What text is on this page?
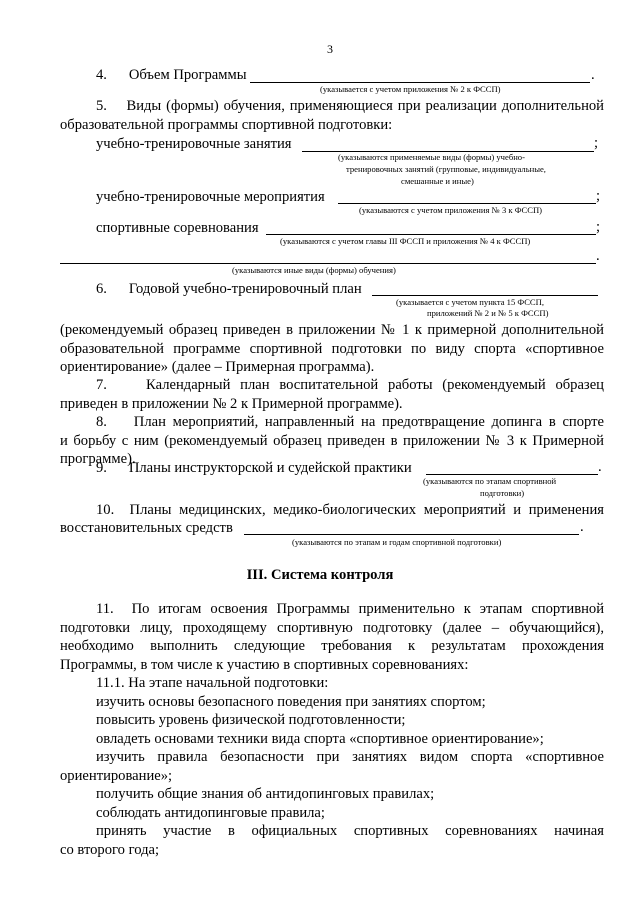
3
4.      Объем Программы	.
(указывается с учетом приложения № 2 к ФССП)
5.    Виды (формы) обучения, применяющиеся при реализации дополнительной
образовательной программы спортивной подготовки:
учебно-тренировочные занятия	;
(указываются применяемые виды (формы) учебно-
тренировочных занятий (групповые, индивидуальные,
смешанные и иные)
учебно-тренировочные мероприятия	;
(указываются с учетом приложения № 3 к ФССП)
спортивные соревнования	;
(указываются с учетом главы III ФССП и приложения № 4 к ФССП)
.
(указываются иные виды (формы) обучения)
6.      Годовой учебно-тренировочный план
(указывается с учетом пункта 15 ФССП,
приложений № 2 и № 5 к ФССП)
(рекомендуемый образец приведен в приложении № 1 к примерной дополнительной
образовательной программе спортивной подготовки по виду спорта «спортивное
ориентирование» (далее – Примерная программа).
7.    Календарный план воспитательной работы (рекомендуемый образец
приведен в приложении № 2 к Примерной программе).
8.    План мероприятий, направленный на предотвращение допинга в спорте
и борьбу с ним (рекомендуемый образец приведен в приложении № 3 к Примерной
программе).
9.      Планы инструкторской и судейской практики	.
(указываются по этапам спортивной
подготовки)
10.  Планы медицинских, медико-биологических мероприятий и применения
восстановительных средств	.
(указываются по этапам и годам спортивной подготовки)
III. Система контроля
11.  По итогам освоения Программы применительно к этапам спортивной
подготовки лицу, проходящему спортивную подготовку (далее – обучающийся),
необходимо выполнить следующие требования к результатам прохождения
Программы, в том числе к участию в спортивных соревнованиях:
11.1. На этапе начальной подготовки:
изучить основы безопасного поведения при занятиях спортом;
повысить уровень физической подготовленности;
овладеть основами техники вида спорта «спортивное ориентирование»;
изучить правила безопасности при занятиях видом спорта «спортивное
ориентирование»;
получить общие знания об антидопинговых правилах;
соблюдать антидопинговые правила;
принять участие в официальных спортивных соревнованиях начиная
со второго года;
